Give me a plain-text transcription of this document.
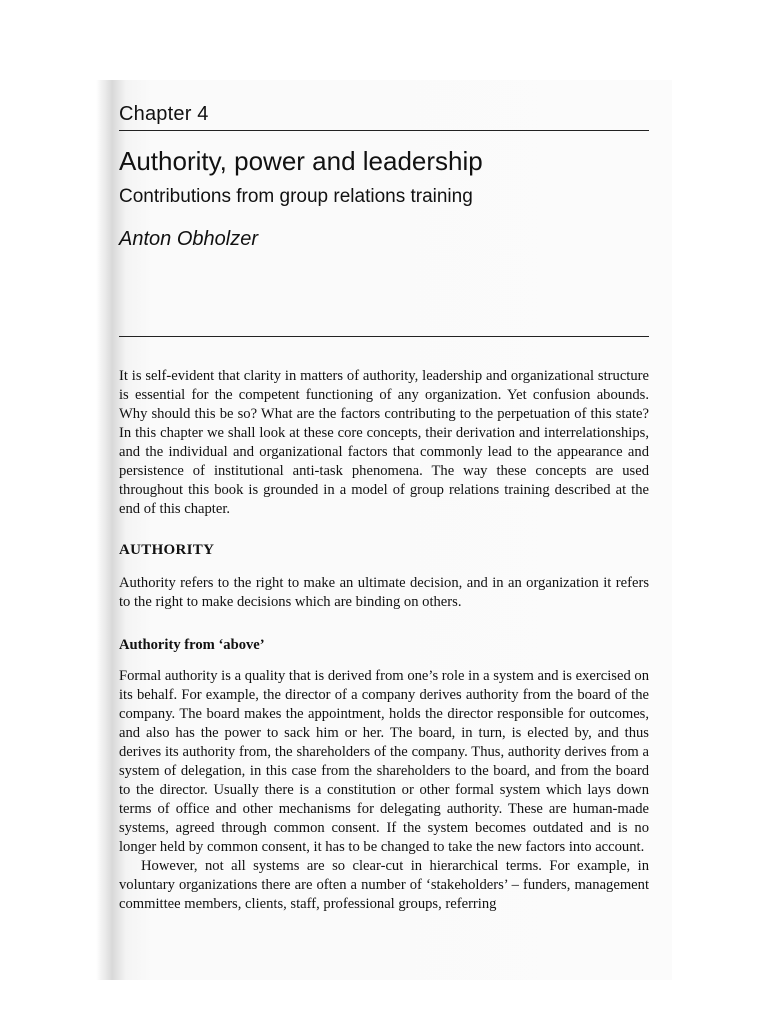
Chapter 4
Authority, power and leadership
Contributions from group relations training
Anton Obholzer

It is self-evident that clarity in matters of authority, leadership and organizational structure is essential for the competent functioning of any organization. Yet confusion abounds. Why should this be so? What are the factors contributing to the perpetuation of this state? In this chapter we shall look at these core concepts, their derivation and interrelationships, and the individual and organizational factors that commonly lead to the appearance and persistence of institutional anti-task phenomena. The way these concepts are used throughout this book is grounded in a model of group relations training described at the end of this chapter.

AUTHORITY

Authority refers to the right to make an ultimate decision, and in an organization it refers to the right to make decisions which are binding on others.

Authority from ‘above’

Formal authority is a quality that is derived from one’s role in a system and is exercised on its behalf. For example, the director of a company derives authority from the board of the company. The board makes the appointment, holds the director responsible for outcomes, and also has the power to sack him or her. The board, in turn, is elected by, and thus derives its authority from, the shareholders of the company. Thus, authority derives from a system of delegation, in this case from the shareholders to the board, and from the board to the director. Usually there is a constitution or other formal system which lays down terms of office and other mechanisms for delegating authority. These are human-made systems, agreed through common consent. If the system becomes outdated and is no longer held by common consent, it has to be changed to take the new factors into account.

However, not all systems are so clear-cut in hierarchical terms. For example, in voluntary organizations there are often a number of ‘stakeholders’ – funders, management committee members, clients, staff, professional groups, referring
